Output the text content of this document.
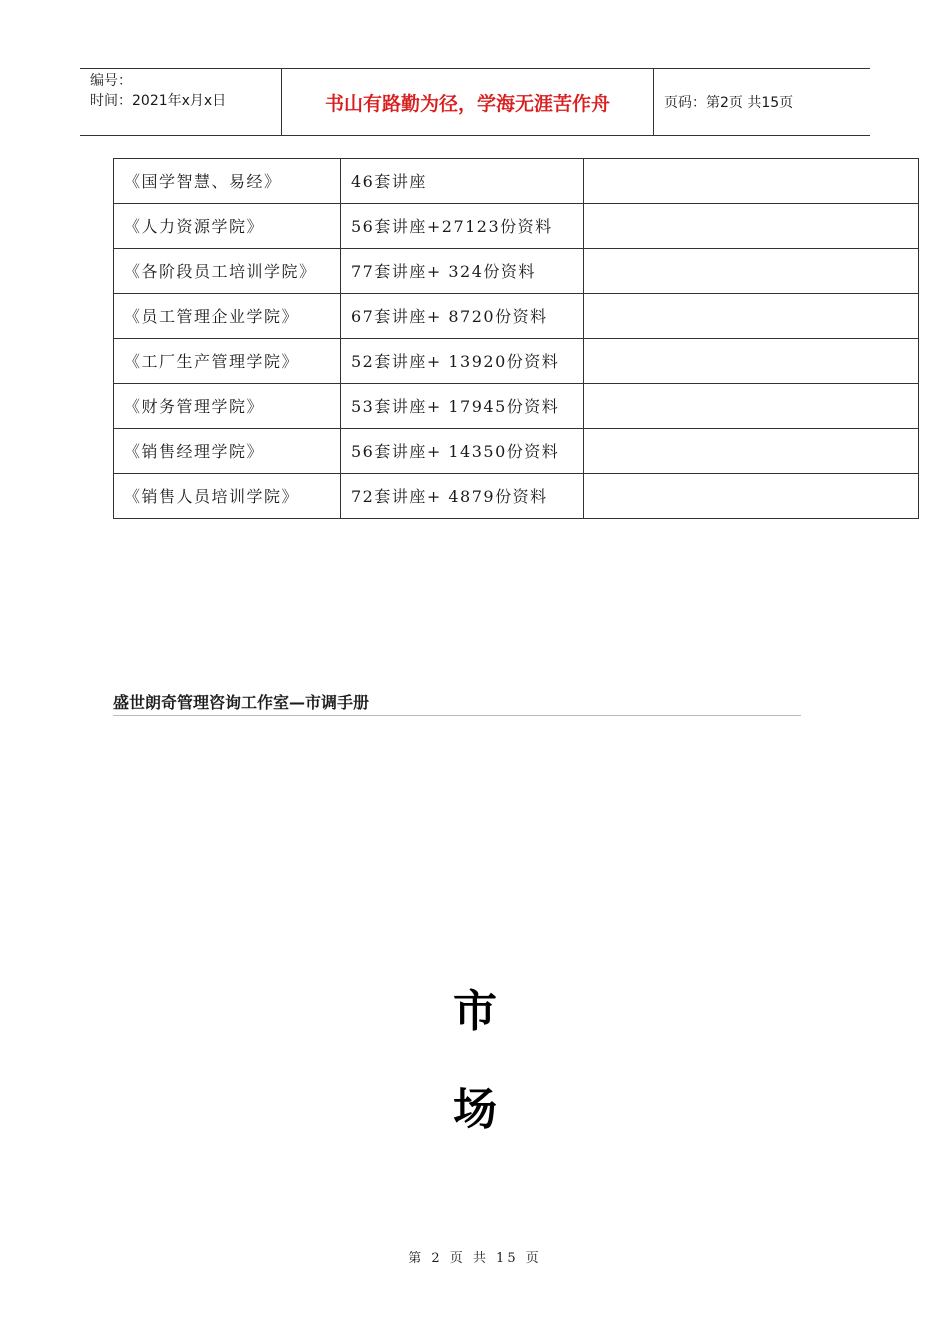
编号：
时间：2021年x月x日	书山有路勤为径，学海无涯苦作舟	页码：第2页 共15页
《国学智慧、易经》	46套讲座	
《人力资源学院》	56套讲座+27123份资料	
《各阶段员工培训学院》	77套讲座+ 324份资料	
《员工管理企业学院》	67套讲座+ 8720份资料	
《工厂生产管理学院》	52套讲座+ 13920份资料	
《财务管理学院》	53套讲座+ 17945份资料	
《销售经理学院》	56套讲座+ 14350份资料	
《销售人员培训学院》	72套讲座+ 4879份资料	
盛世朗奇管理咨询工作室—市调手册
市
场
第 2 页 共 15 页
